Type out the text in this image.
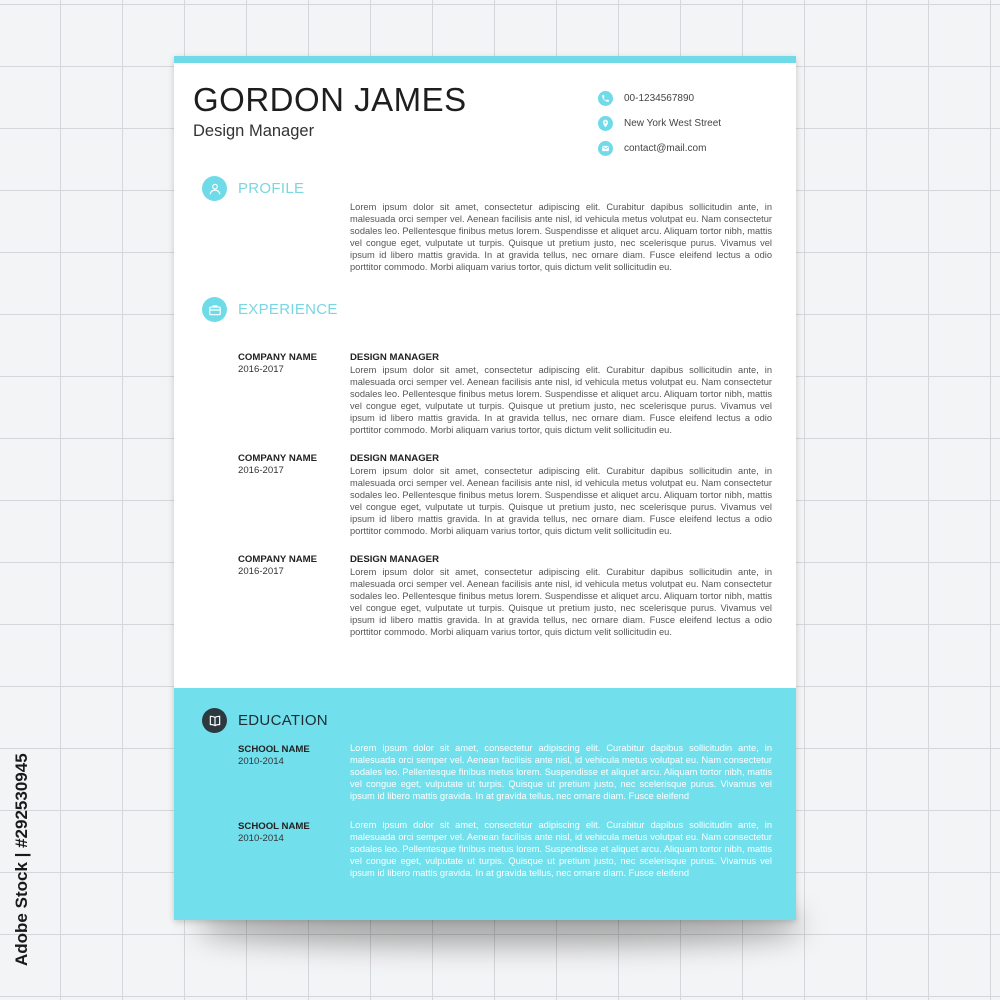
GORDON JAMES
Design Manager
00-1234567890
New York West Street
contact@mail.com
PROFILE

Lorem ipsum dolor sit amet, consectetur adipiscing elit. Curabitur dapibus sollicitudin ante, in malesuada orci semper vel. Aenean facilisis ante nisl, id vehicula metus volutpat eu. Nam consectetur sodales leo. Pellentesque finibus metus lorem. Suspendisse et aliquet arcu. Aliquam tortor nibh, mattis vel congue eget, vulputate ut turpis. Quisque ut pretium justo, nec scelerisque purus. Vivamus vel ipsum id libero mattis gravida. In at gravida tellus, nec ornare diam. Fusce eleifend lectus a odio porttitor commodo. Morbi aliquam varius tortor, quis dictum velit sollicitudin eu.

EXPERIENCE
COMPANY NAME
2016-2017
DESIGN MANAGER

Lorem ipsum dolor sit amet, consectetur adipiscing elit. Curabitur dapibus sollicitudin ante, in malesuada orci semper vel. Aenean facilisis ante nisl, id vehicula metus volutpat eu. Nam consectetur sodales leo. Pellentesque finibus metus lorem. Suspendisse et aliquet arcu. Aliquam tortor nibh, mattis vel congue eget, vulputate ut turpis. Quisque ut pretium justo, nec scelerisque purus. Vivamus vel ipsum id libero mattis gravida. In at gravida tellus, nec ornare diam. Fusce eleifend lectus a odio porttitor commodo. Morbi aliquam varius tortor, quis dictum velit sollicitudin eu.

COMPANY NAME
2016-2017
DESIGN MANAGER

Lorem ipsum dolor sit amet, consectetur adipiscing elit. Curabitur dapibus sollicitudin ante, in malesuada orci semper vel. Aenean facilisis ante nisl, id vehicula metus volutpat eu. Nam consectetur sodales leo. Pellentesque finibus metus lorem. Suspendisse et aliquet arcu. Aliquam tortor nibh, mattis vel congue eget, vulputate ut turpis. Quisque ut pretium justo, nec scelerisque purus. Vivamus vel ipsum id libero mattis gravida. In at gravida tellus, nec ornare diam. Fusce eleifend lectus a odio porttitor commodo. Morbi aliquam varius tortor, quis dictum velit sollicitudin eu.

COMPANY NAME
2016-2017
DESIGN MANAGER

Lorem ipsum dolor sit amet, consectetur adipiscing elit. Curabitur dapibus sollicitudin ante, in malesuada orci semper vel. Aenean facilisis ante nisl, id vehicula metus volutpat eu. Nam consectetur sodales leo. Pellentesque finibus metus lorem. Suspendisse et aliquet arcu. Aliquam tortor nibh, mattis vel congue eget, vulputate ut turpis. Quisque ut pretium justo, nec scelerisque purus. Vivamus vel ipsum id libero mattis gravida. In at gravida tellus, nec ornare diam. Fusce eleifend lectus a odio porttitor commodo. Morbi aliquam varius tortor, quis dictum velit sollicitudin eu.

EDUCATION
SCHOOL NAME
2010-2014

Lorem ipsum dolor sit amet, consectetur adipiscing elit. Curabitur dapibus sollicitudin ante, in malesuada orci semper vel. Aenean facilisis ante nisl, id vehicula metus volutpat eu. Nam consectetur sodales leo. Pellentesque finibus metus lorem. Suspendisse et aliquet arcu. Aliquam tortor nibh, mattis vel congue eget, vulputate ut turpis. Quisque ut pretium justo, nec scelerisque purus. Vivamus vel ipsum id libero mattis gravida. In at gravida tellus, nec ornare diam. Fusce eleifend

SCHOOL NAME
2010-2014

Lorem ipsum dolor sit amet, consectetur adipiscing elit. Curabitur dapibus sollicitudin ante, in malesuada orci semper vel. Aenean facilisis ante nisl, id vehicula metus volutpat eu. Nam consectetur sodales leo. Pellentesque finibus metus lorem. Suspendisse et aliquet arcu. Aliquam tortor nibh, mattis vel congue eget, vulputate ut turpis. Quisque ut pretium justo, nec scelerisque purus. Vivamus vel ipsum id libero mattis gravida. In at gravida tellus, nec ornare diam. Fusce eleifend

Adobe Stock | #292530945
